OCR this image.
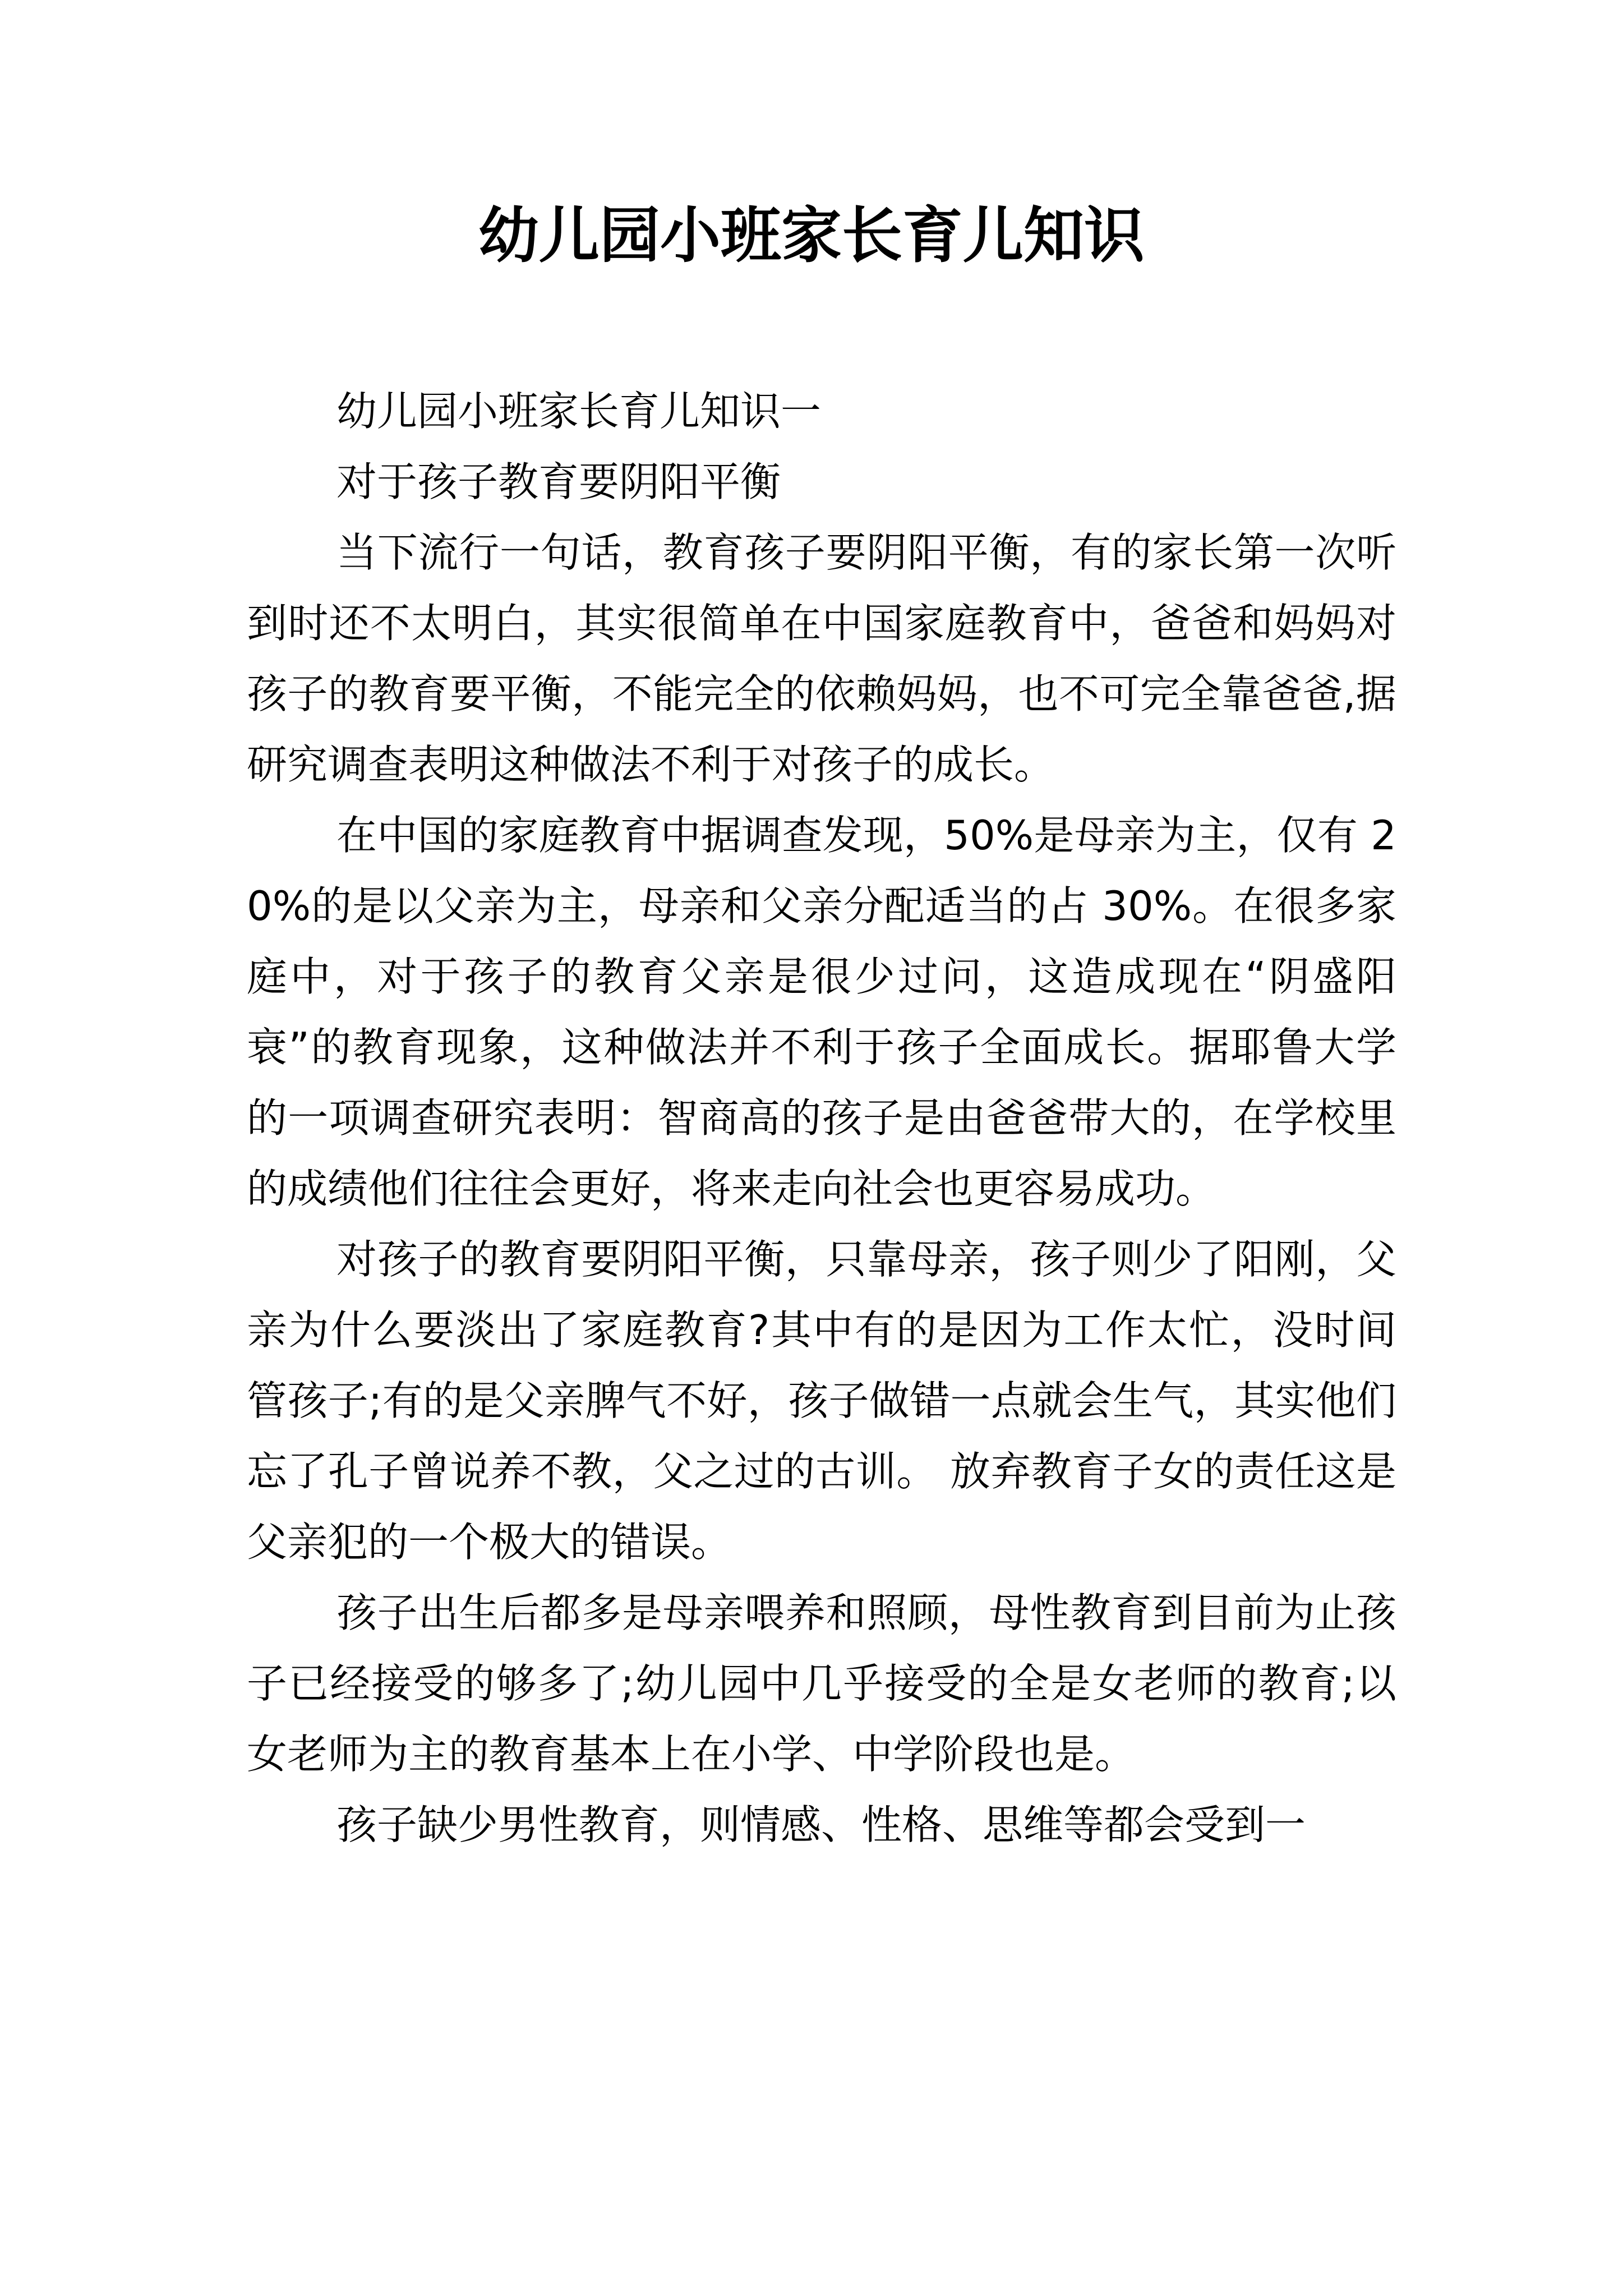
幼儿园小班家长育儿知识

幼儿园小班家长育儿知识一

对于孩子教育要阴阳平衡

当下流行一句话，教育孩子要阴阳平衡，有的家长第一次听到时还不太明白，其实很简单在中国家庭教育中，爸爸和妈妈对孩子的教育要平衡，不能完全的依赖妈妈，也不可完全靠爸爸,据研究调查表明这种做法不利于对孩子的成长。

在中国的家庭教育中据调查发现，50%是母亲为主，仅有 20%的是以父亲为主，母亲和父亲分配适当的占 30%。在很多家庭中，对于孩子的教育父亲是很少过问，这造成现在“阴盛阳衰”的教育现象，这种做法并不利于孩子全面成长。据耶鲁大学的一项调查研究表明：智商高的孩子是由爸爸带大的，在学校里的成绩他们往往会更好，将来走向社会也更容易成功。

对孩子的教育要阴阳平衡，只靠母亲，孩子则少了阳刚，父亲为什么要淡出了家庭教育?其中有的是因为工作太忙，没时间管孩子;有的是父亲脾气不好，孩子做错一点就会生气，其实他们忘了孔子曾说养不教，父之过的古训。 放弃教育子女的责任这是父亲犯的一个极大的错误。

孩子出生后都多是母亲喂养和照顾，母性教育到目前为止孩子已经接受的够多了;幼儿园中几乎接受的全是女老师的教育;以女老师为主的教育基本上在小学、中学阶段也是。

孩子缺少男性教育，则情感、性格、思维等都会受到一
